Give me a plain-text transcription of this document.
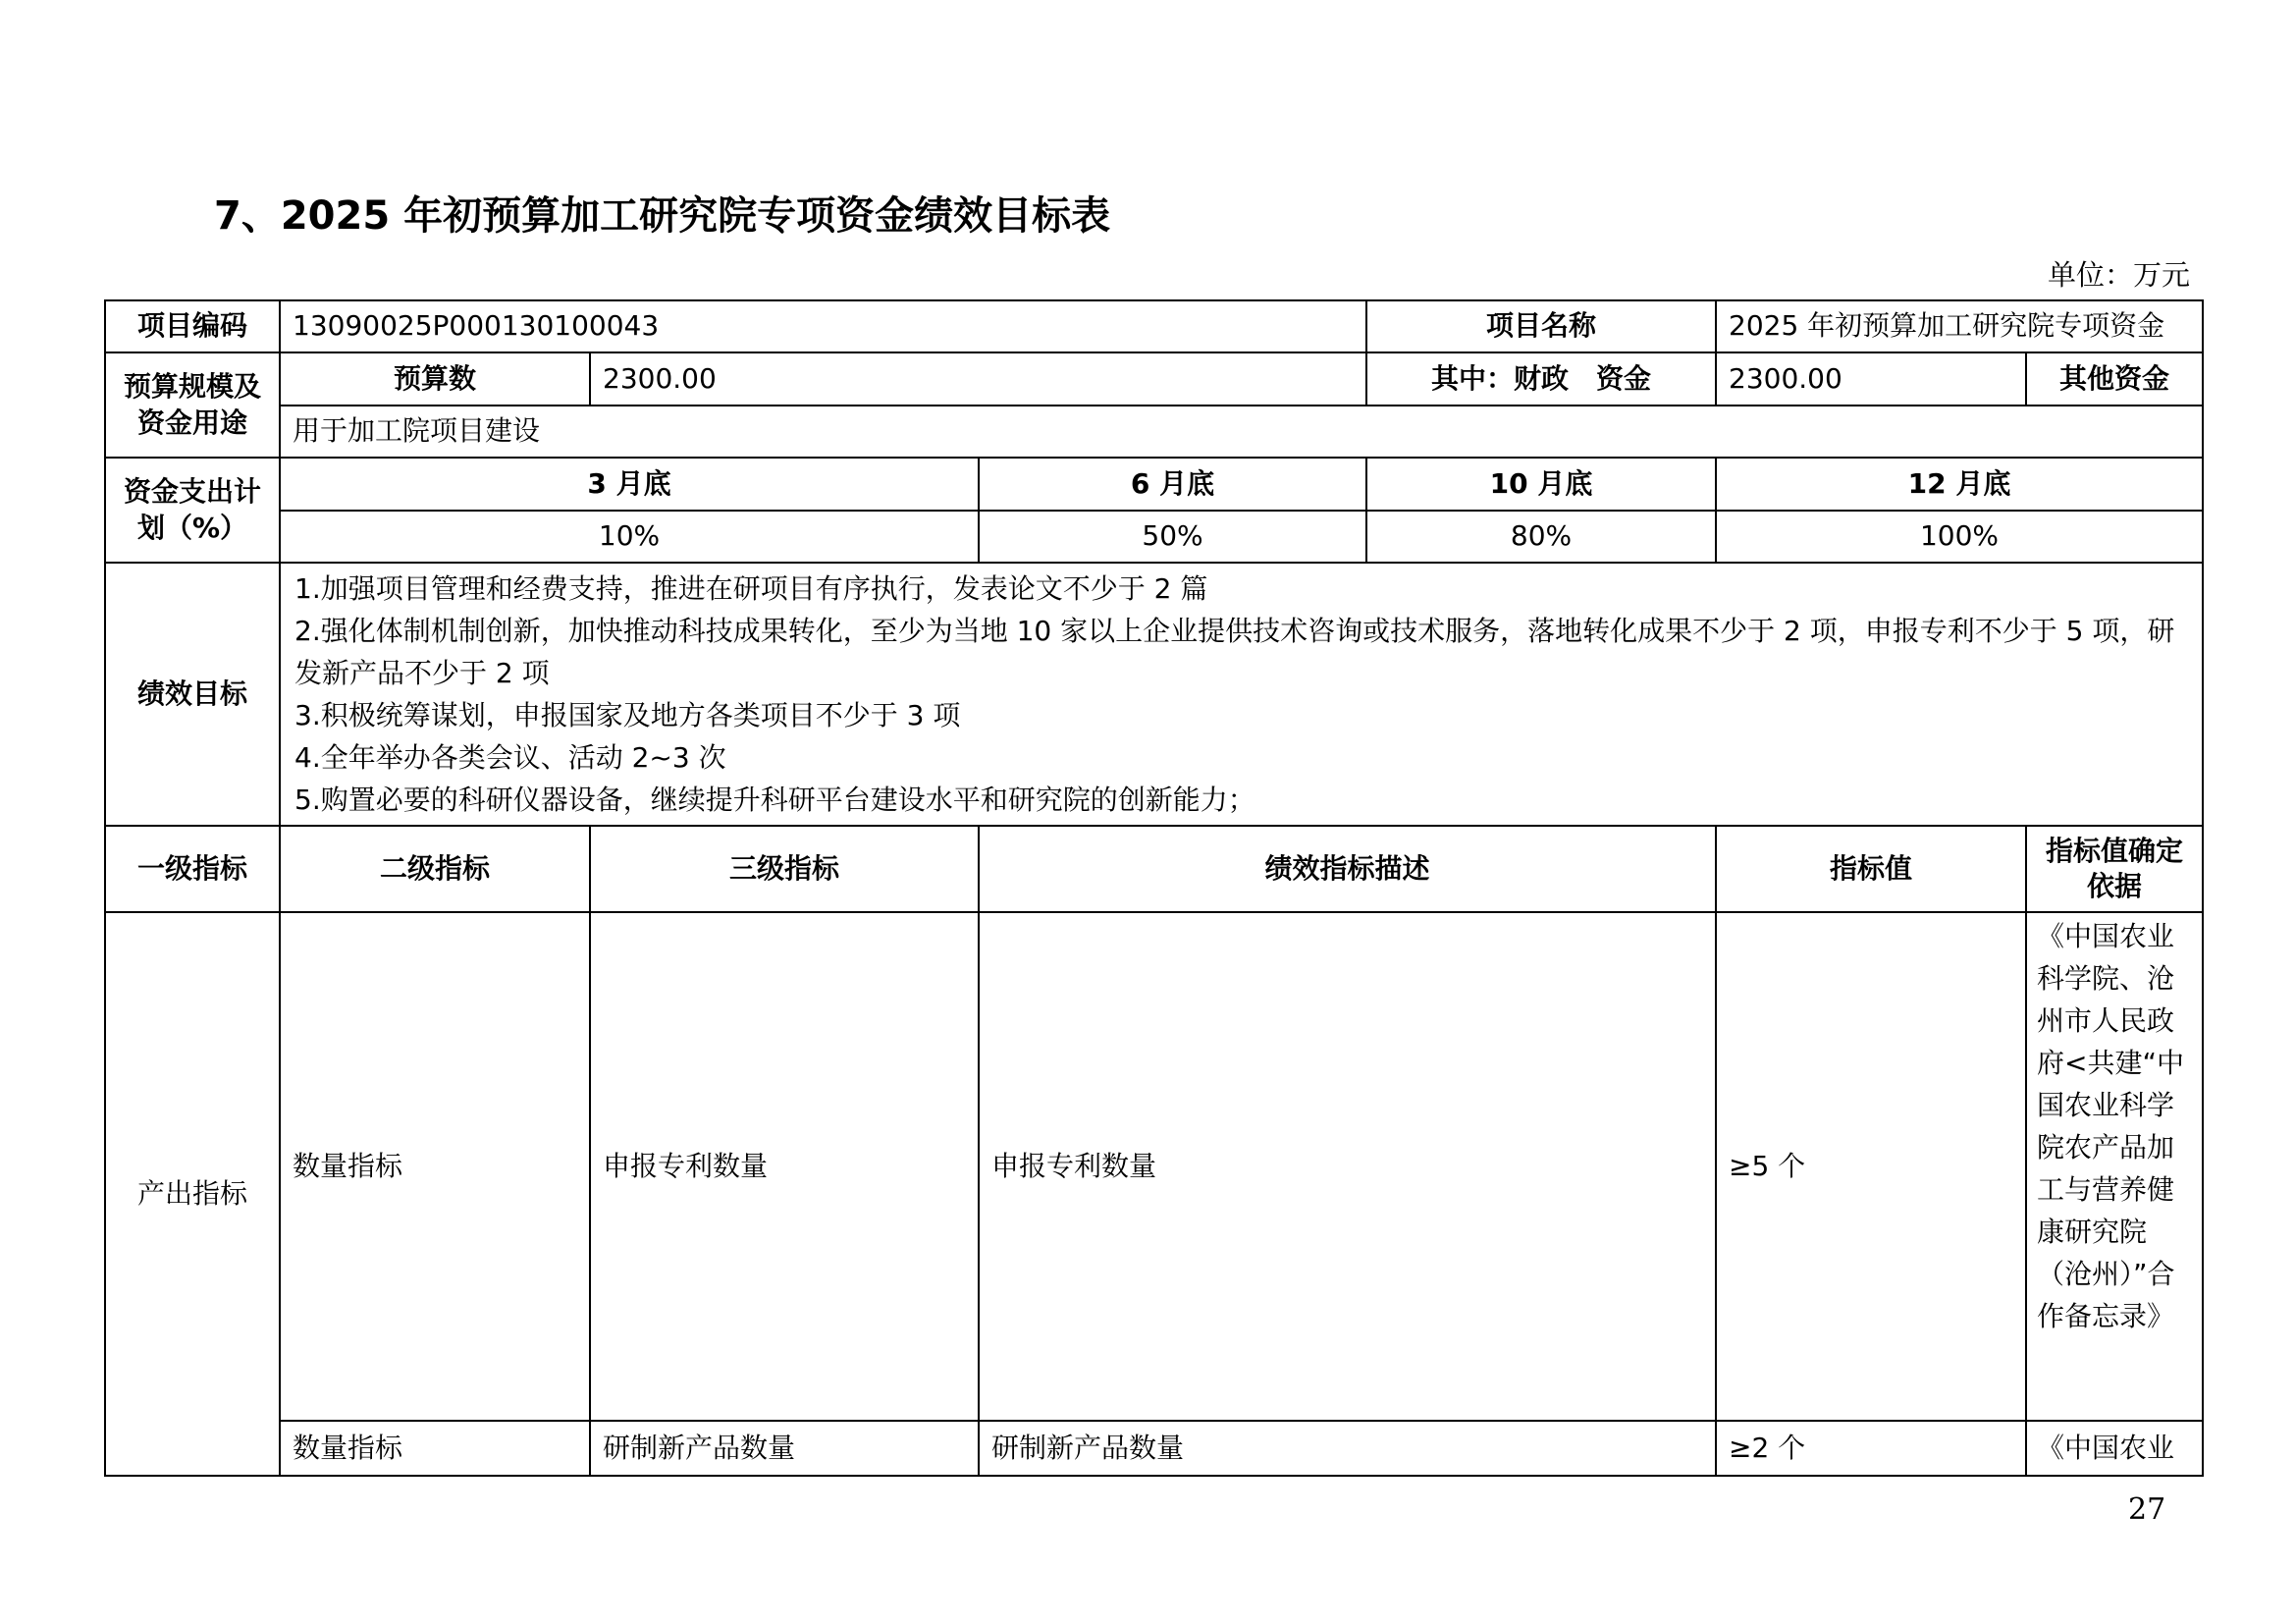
7、2025 年初预算加工研究院专项资金绩效目标表
单位：万元
项目编码	13090025P000130100043			项目名称	2025 年初预算加工研究院专项资金		
预算规模及资金用途	预算数	2300.00		其中：财政　资金	2300.00	其他资金	
	用于加工院项目建设						
资金支出计划（%）	3 月底		6 月底	10 月底	12 月底		
	10%		50%	80%	100%		
绩效目标	1.加强项目管理和经费支持，推进在研项目有序执行，发表论文不少于 2 篇
2.强化体制机制创新，加快推动科技成果转化，至少为当地 10 家以上企业提供技术咨询或技术服务，落地转化成果不少于 2 项，申报专利不少于 5 项，研发新产品不少于 2 项
3.积极统筹谋划，申报国家及地方各类项目不少于 3 项
4.全年举办各类会议、活动 2~3 次
5.购置必要的科研仪器设备，继续提升科研平台建设水平和研究院的创新能力；						

一级指标	二级指标	三级指标	绩效指标描述		指标值	指标值确定依据	
产出指标	数量指标	申报专利数量	申报专利数量		≥5 个	《中国农业科学院、沧州市人民政府<共建“中国农业科学院农产品加工与营养健康研究院（沧州）”合作备忘录》	
	数量指标	研制新产品数量	研制新产品数量		≥2 个	《中国农业	
27
